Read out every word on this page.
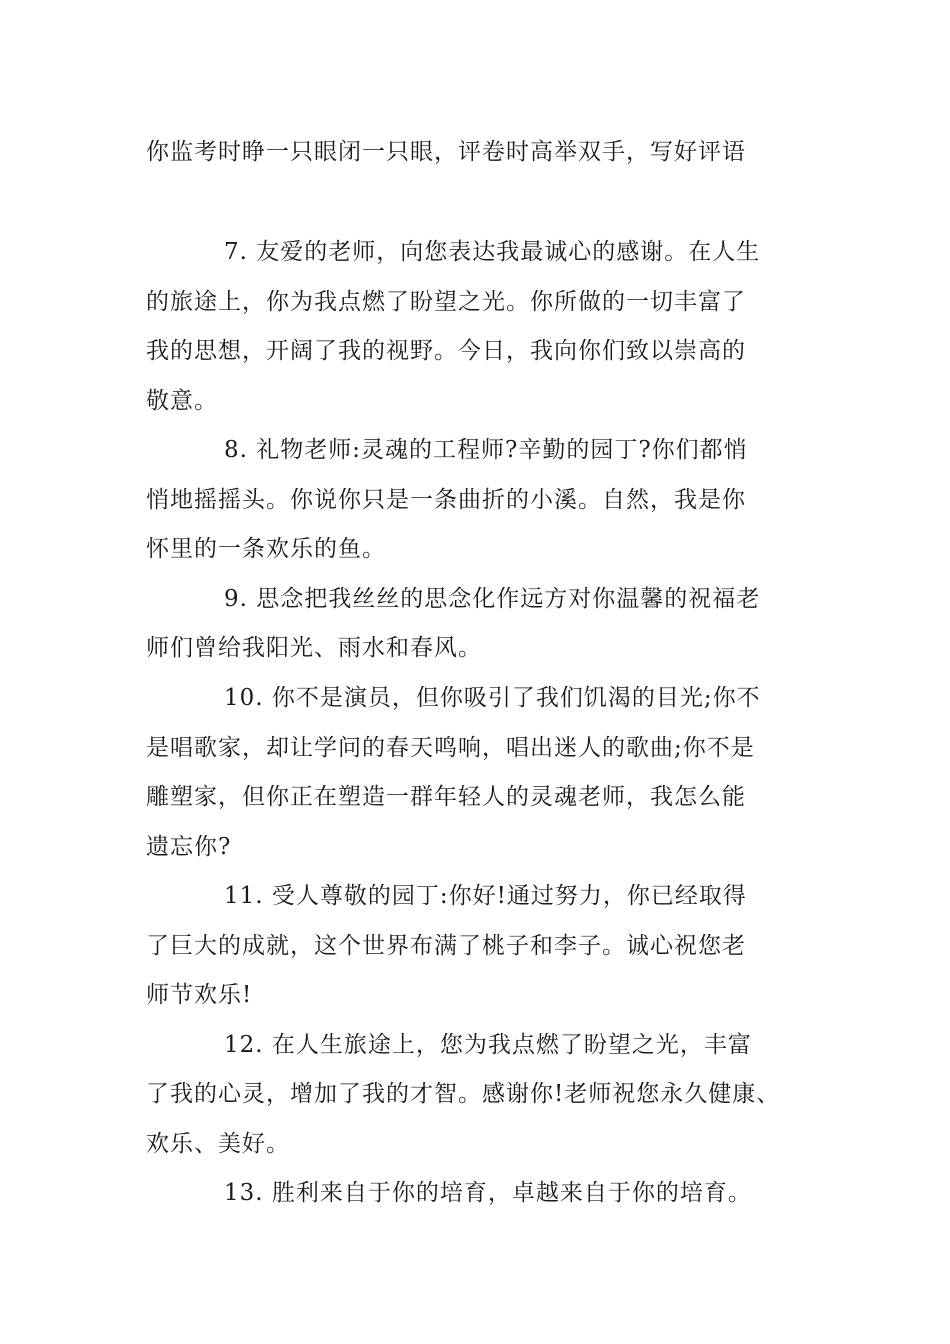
你监考时睁一只眼闭一只眼，评卷时高举双手，写好评语
7. 友爱的老师，向您表达我最诚心的感谢。在人生
的旅途上，你为我点燃了盼望之光。你所做的一切丰富了
我的思想，开阔了我的视野。今日，我向你们致以崇高的
敬意。
8. 礼物老师:灵魂的工程师?辛勤的园丁?你们都悄
悄地摇摇头。你说你只是一条曲折的小溪。自然，我是你
怀里的一条欢乐的鱼。
9. 思念把我丝丝的思念化作远方对你温馨的祝福老
师们曾给我阳光、雨水和春风。
10. 你不是演员，但你吸引了我们饥渴的目光;你不
是唱歌家，却让学问的春天鸣响，唱出迷人的歌曲;你不是
雕塑家，但你正在塑造一群年轻人的灵魂老师，我怎么能
遗忘你?
11. 受人尊敬的园丁:你好!通过努力，你已经取得
了巨大的成就，这个世界布满了桃子和李子。诚心祝您老
师节欢乐!
12. 在人生旅途上，您为我点燃了盼望之光，丰富
了我的心灵，增加了我的才智。感谢你!老师祝您永久健康、
欢乐、美好。
13. 胜利来自于你的培育，卓越来自于你的培育。
